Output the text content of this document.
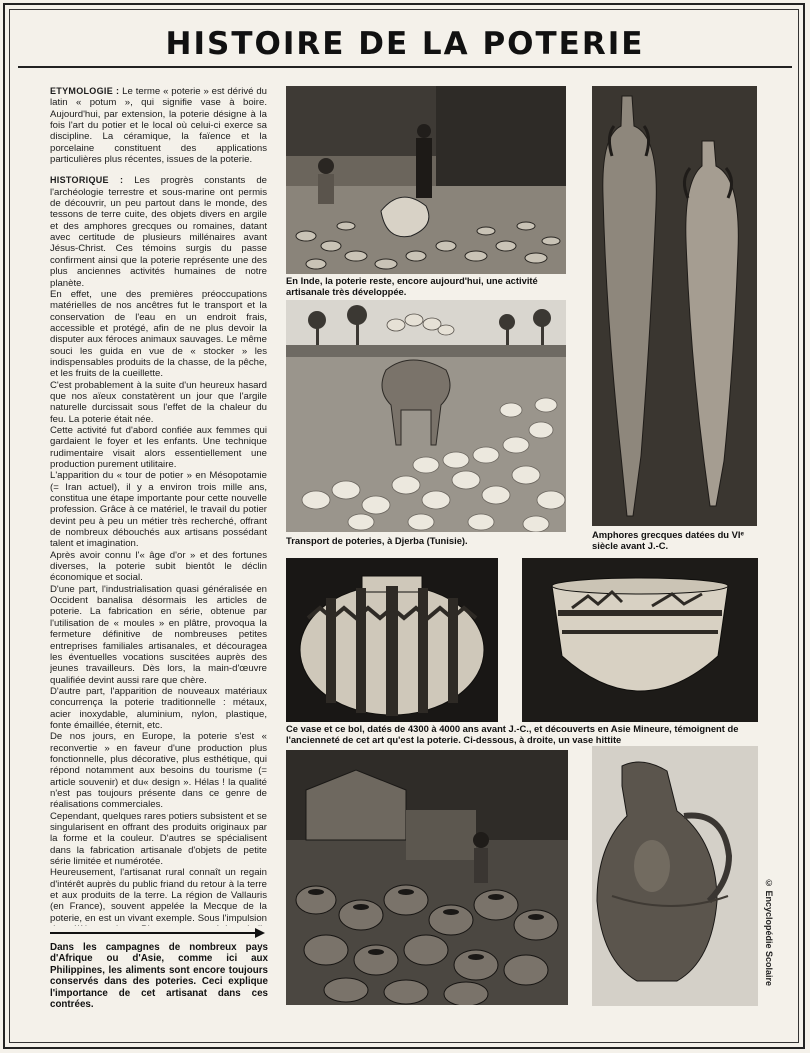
HISTOIRE DE LA POTERIE

ETYMOLOGIE : Le terme « poterie » est dérivé du latin « potum », qui signifie vase à boire. Aujourd'hui, par extension, la poterie désigne à la fois l'art du potier et le local où celui-ci exerce sa discipline. La céramique, la faïence et la porcelaine constituent des applications particulières plus récentes, issues de la poterie.

HISTORIQUE : Les progrès constants de l'archéologie terrestre et sous-marine ont permis de découvrir, un peu partout dans le monde, des tessons de terre cuite, des objets divers en argile et des amphores grecques ou romaines, datant avec certitude de plusieurs millénaires avant Jésus-Christ. Ces témoins surgis du passe confirment ainsi que la poterie représente une des plus anciennes activités humaines de notre planète.

En effet, une des premières préoccupations matérielles de nos ancêtres fut le transport et la conservation de l'eau en un endroit frais, accessible et protégé, afin de ne plus devoir la disputer aux féroces animaux sauvages. Le même souci les guida en vue de « stocker » les indispensables produits de la chasse, de la pêche, et les fruits de la cueillette.

C'est probablement à la suite d'un heureux hasard que nos aïeux constatèrent un jour que l'argile naturelle durcissait sous l'effet de la chaleur du feu. La poterie était née.

Cette activité fut d'abord confiée aux femmes qui gardaient le foyer et les enfants. Une technique rudimentaire visait alors essentiellement une production purement utilitaire.

L'apparition du « tour de potier » en Mésopotamie (= Iran actuel), il y a environ trois mille ans, constitua une étape importante pour cette nouvelle profession. Grâce à ce matériel, le travail du potier devint peu à peu un métier très recherché, offrant de nombreux débouchés aux artisans possédant talent et imagination.

Après avoir connu l'« âge d'or » et des fortunes diverses, la poterie subit bientôt le déclin économique et social.

D'une part, l'industrialisation quasi généralisée en Occident banalisa désormais les articles de poterie. La fabrication en série, obtenue par l'utilisation de « moules » en plâtre, provoqua la fermeture définitive de nombreuses petites entreprises familiales artisanales, et découragea les éventuelles vocations suscitées auprès des jeunes travailleurs. Dès lors, la main-d'œuvre qualifiée devint aussi rare que chère.

D'autre part, l'apparition de nouveaux matériaux concurrença la poterie traditionnelle : métaux, acier inoxydable, aluminium, nylon, plastique, fonte émaillée, éternit, etc.

De nos jours, en Europe, la poterie s'est « reconvertie » en faveur d'une production plus fonctionnelle, plus décorative, plus esthétique, qui répond notamment aux besoins du tourisme (= article souvenir) et du« design ». Hélas ! la qualité n'est pas toujours présente dans ce genre de réalisations commerciales.

Cependant, quelques rares potiers subsistent et se singularisent en offrant des produits originaux par la forme et la couleur. D'autres se spécialisent dans la fabrication artisanale d'objets de petite série limitée et numérotée.

Heureusement, l'artisanat rural connaît un regain d'intérêt auprès du public friand du retour à la terre et aux produits de la terre. La région de Vallauris (en France), souvent appelée la Mecque de la poterie, en est un vivant exemple. Sous l'impulsion

Dans les campagnes de nombreux pays d'Afrique ou d'Asie, comme ici aux Philippines, les aliments sont encore toujours conservés dans des poteries. Ceci explique l'importance de cet artisanat dans ces contrées.
En Inde, la poterie reste, encore aujourd'hui, une activité artisanale très développée.
Transport de poteries, à Djerba (Tunisie).
Amphores grecques datées du VIᵉ siècle avant J.-C.
Ce vase et ce bol, datés de 4300 à 4000 ans avant J.-C., et découverts en Asie Mineure, témoignent de l'ancienneté de cet art qu'est la poterie. Ci-dessous, à droite, un vase hittite
© Encyclopédie Scolaire
